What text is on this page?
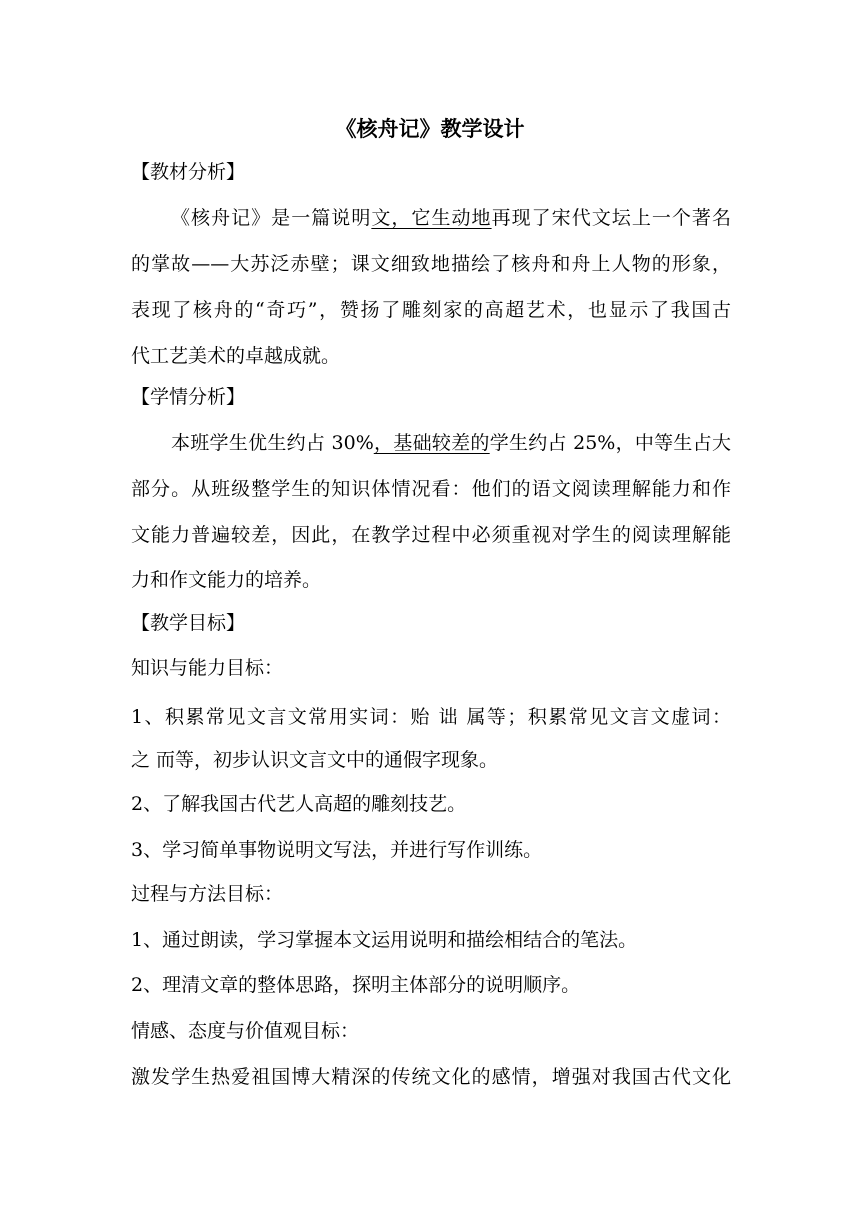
《核舟记》教学设计
【教材分析】
《核舟记》是一篇说明文，它生动地再现了宋代文坛上一个著名
的掌故——大苏泛赤壁；课文细致地描绘了核舟和舟上人物的形象，
表现了核舟的“奇巧”，赞扬了雕刻家的高超艺术，也显示了我国古
代工艺美术的卓越成就。
【学情分析】
本班学生优生约占 30%，基础较差的学生约占 25%，中等生占大
部分。从班级整学生的知识体情况看：他们的语文阅读理解能力和作
文能力普遍较差，因此，在教学过程中必须重视对学生的阅读理解能
力和作文能力的培养。
【教学目标】
知识与能力目标：
1、积累常见文言文常用实词：贻 诎 属等；积累常见文言文虚词：
之 而等，初步认识文言文中的通假字现象。
2、了解我国古代艺人高超的雕刻技艺。
3、学习简单事物说明文写法，并进行写作训练。
过程与方法目标：
1、通过朗读，学习掌握本文运用说明和描绘相结合的笔法。
2、理清文章的整体思路，探明主体部分的说明顺序。
情感、态度与价值观目标：
激发学生热爱祖国博大精深的传统文化的感情，增强对我国古代文化
